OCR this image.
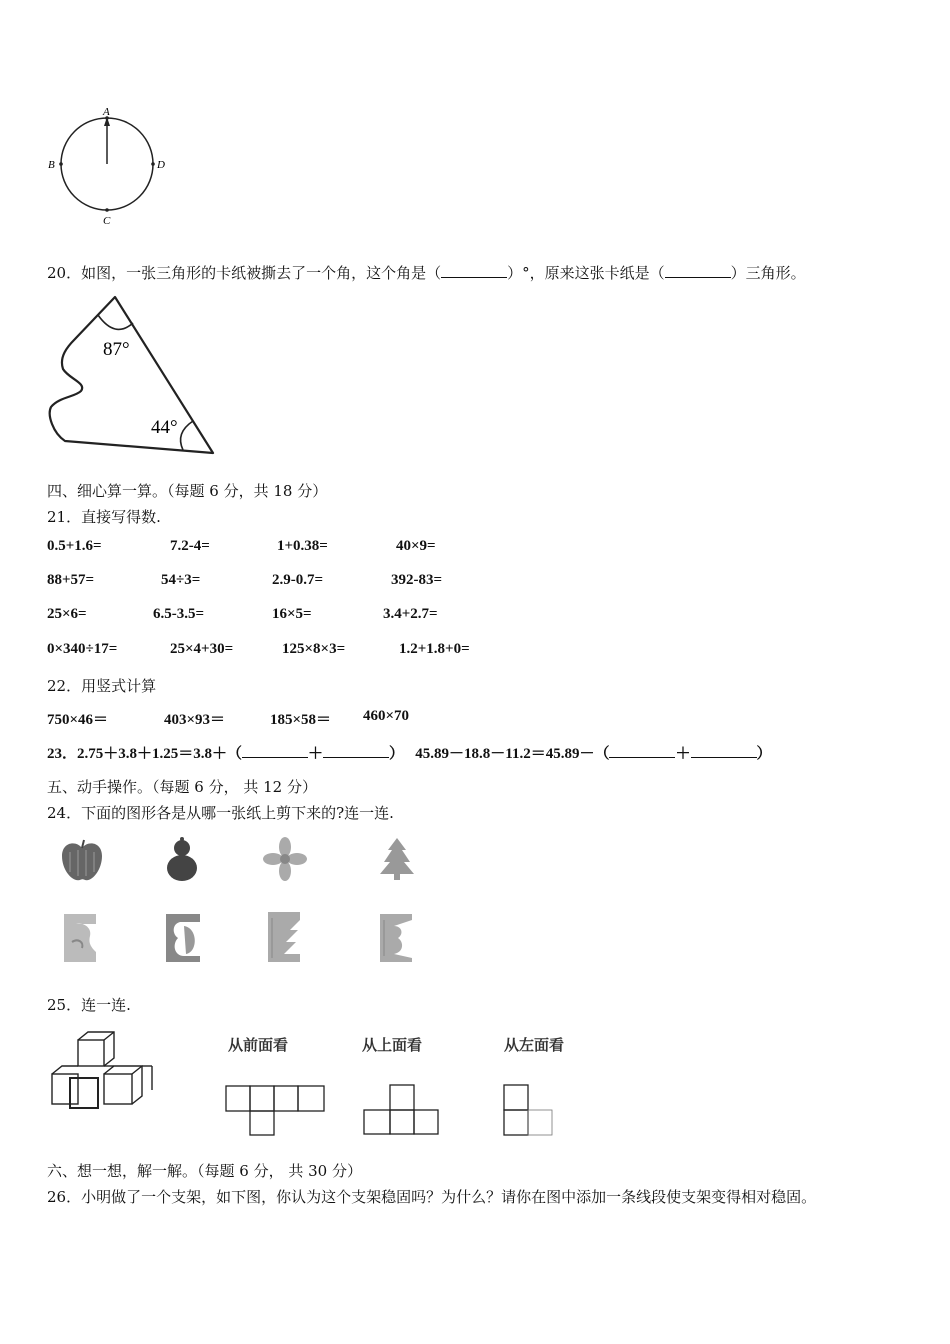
A
B
C
D
20．如图，一张三角形的卡纸被撕去了一个角，这个角是（	）°，原来这张卡纸是（	）三角形。
87°
44°
四、细心算一算。（每题 6 分，共 18 分）
21．直接写得数.
0.5+1.6=	7.2-4=	1+0.38=	40×9=
88+57=	54÷3=	2.9-0.7=	392-83=
25×6=	6.5-3.5=	16×5=	3.4+2.7=
0×340÷17=	25×4+30=	125×8×3=	1.2+1.8+0=
22．用竖式计算
750×46＝	403×93＝	185×58＝ 460×70
23．2.75＋3.8＋1.25＝3.8＋（	＋	） 45.89－18.8－11.2＝45.89－（	＋	）
五、动手操作。（每题 6 分， 共 12 分）
24．下面的图形各是从哪一张纸上剪下来的?连一连.
25．连一连.
从前面看	从上面看	从左面看
六、想一想，解一解。（每题 6 分， 共 30 分）
26．小明做了一个支架，如下图，你认为这个支架稳固吗？为什么？请你在图中添加一条线段使支架变得相对稳固。
